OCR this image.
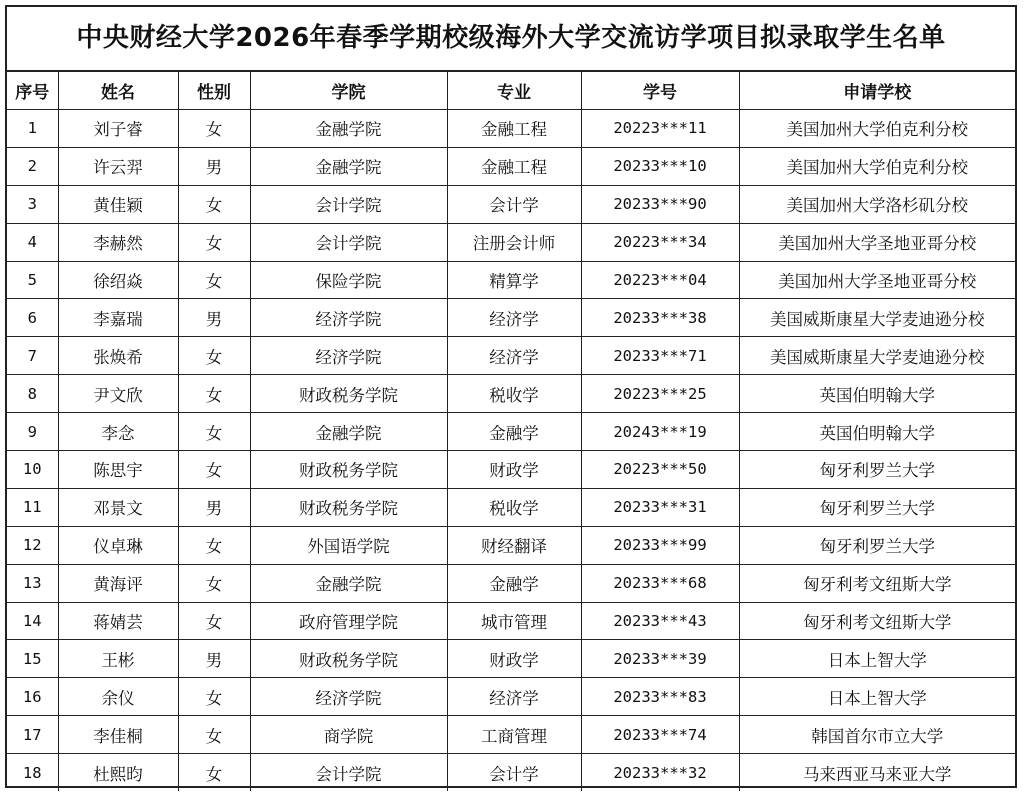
中央财经大学2026年春季学期校级海外大学交流访学项目拟录取学生名单
序号	姓名	性别	学院	专业	学号	申请学校
1	刘子睿	女	金融学院	金融工程	20223***11	美国加州大学伯克利分校
2	许云羿	男	金融学院	金融工程	20233***10	美国加州大学伯克利分校
3	黄佳颖	女	会计学院	会计学	20233***90	美国加州大学洛杉矶分校
4	李赫然	女	会计学院	注册会计师	20223***34	美国加州大学圣地亚哥分校
5	徐绍焱	女	保险学院	精算学	20223***04	美国加州大学圣地亚哥分校
6	李嘉瑞	男	经济学院	经济学	20233***38	美国威斯康星大学麦迪逊分校
7	张焕希	女	经济学院	经济学	20233***71	美国威斯康星大学麦迪逊分校
8	尹文欣	女	财政税务学院	税收学	20223***25	英国伯明翰大学
9	李念	女	金融学院	金融学	20243***19	英国伯明翰大学
10	陈思宇	女	财政税务学院	财政学	20223***50	匈牙利罗兰大学
11	邓景文	男	财政税务学院	税收学	20233***31	匈牙利罗兰大学
12	仪卓琳	女	外国语学院	财经翻译	20233***99	匈牙利罗兰大学
13	黄海评	女	金融学院	金融学	20233***68	匈牙利考文纽斯大学
14	蒋婧芸	女	政府管理学院	城市管理	20233***43	匈牙利考文纽斯大学
15	王彬	男	财政税务学院	财政学	20233***39	日本上智大学
16	余仪	女	经济学院	经济学	20233***83	日本上智大学
17	李佳桐	女	商学院	工商管理	20233***74	韩国首尔市立大学
18	杜熙昀	女	会计学院	会计学	20233***32	马来西亚马来亚大学
